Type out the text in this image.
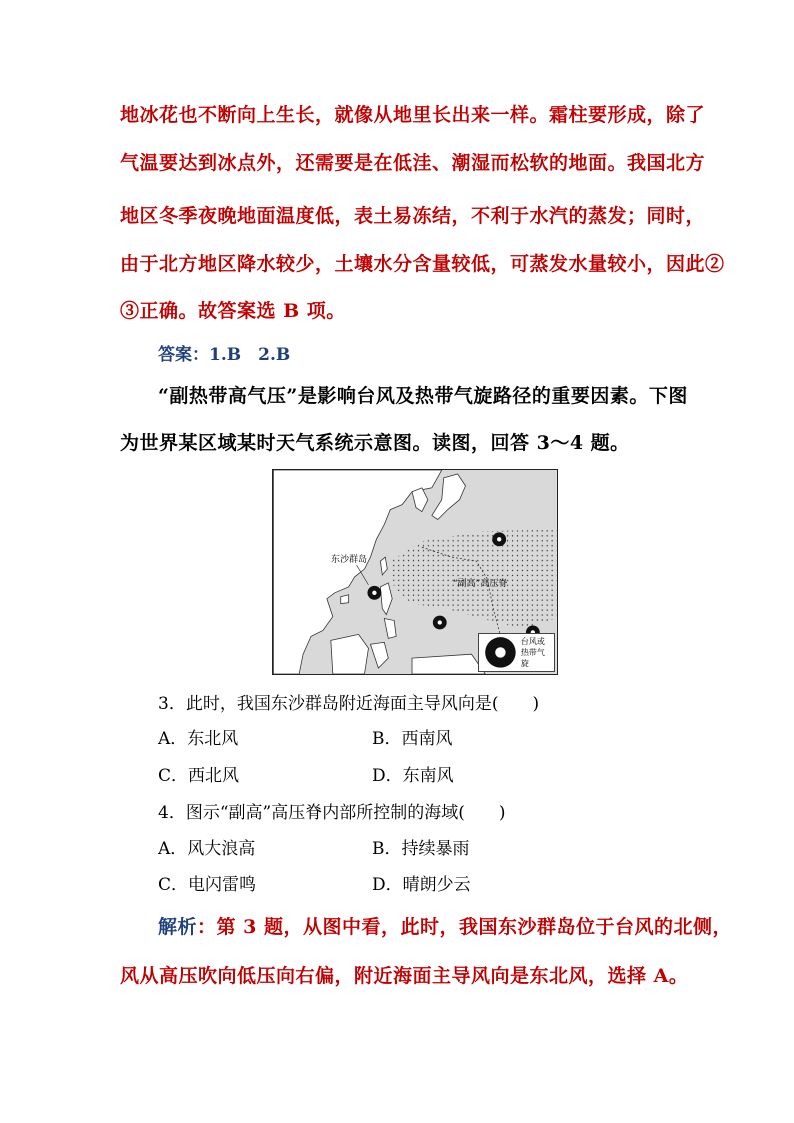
地冰花也不断向上生长，就像从地里长出来一样。霜柱要形成，除了
气温要达到冰点外，还需要是在低洼、潮湿而松软的地面。我国北方
地区冬季夜晚地面温度低，表土易冻结，不利于水汽的蒸发；同时，
由于北方地区降水较少，土壤水分含量较低，可蒸发水量较小，因此②
③正确。故答案选 B 项。
答案：1.B　2.B
“副热带高气压”是影响台风及热带气旋路径的重要因素。下图
为世界某区域某时天气系统示意图。读图，回答 3～4 题。
东沙群岛
“副高”高压脊
台风或热带气旋
3．此时，我国东沙群岛附近海面主导风向是(　　)
A．东北风	B．西南风
C．西北风	D．东南风
4．图示“副高”高压脊内部所控制的海域(　　)
A．风大浪高	B．持续暴雨
C．电闪雷鸣	D．晴朗少云
解析：第 3 题，从图中看，此时，我国东沙群岛位于台风的北侧，
风从高压吹向低压向右偏，附近海面主导风向是东北风，选择 A。
